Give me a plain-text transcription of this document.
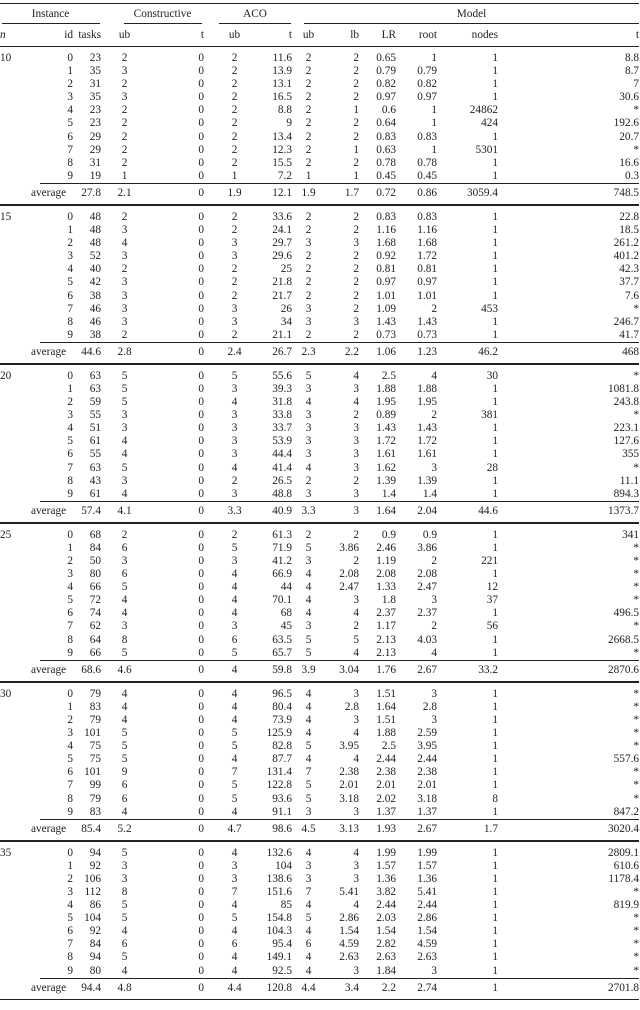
Instance			Constructive		ACO		Model					
n	id	tasks	ub	t	ub	t	ub	lb	LR	root	nodes	t
10	0	23	2	0	2	11.6	2	2	0.65	1	1	8.8
	1	35	3	0	2	13.9	2	2	0.79	0.79	1	8.7
	2	31	2	0	2	13.1	2	2	0.82	0.82	1	7
	3	35	3	0	2	16.5	2	2	0.97	0.97	1	30.6
	4	23	2	0	2	8.8	2	1	0.6	1	24862	*
	5	23	2	0	2	9	2	2	0.64	1	424	192.6
	6	29	2	0	2	13.4	2	2	0.83	0.83	1	20.7
	7	29	2	0	2	12.3	2	1	0.63	1	5301	*
	8	31	2	0	2	15.5	2	2	0.78	0.78	1	16.6
	9	19	1	0	1	7.2	1	1	0.45	0.45	1	0.3
	average	27.8	2.1	0	1.9	12.1	1.9	1.7	0.72	0.86	3059.4	748.5
15	0	48	2	0	2	33.6	2	2	0.83	0.83	1	22.8
	1	48	3	0	2	24.1	2	2	1.16	1.16	1	18.5
	2	48	4	0	3	29.7	3	3	1.68	1.68	1	261.2
	3	52	3	0	3	29.6	2	2	0.92	1.72	1	401.2
	4	40	2	0	2	25	2	2	0.81	0.81	1	42.3
	5	42	3	0	2	21.8	2	2	0.97	0.97	1	37.7
	6	38	3	0	2	21.7	2	2	1.01	1.01	1	7.6
	7	46	3	0	3	26	3	2	1.09	2	453	*
	8	46	3	0	3	34	3	3	1.43	1.43	1	246.7
	9	38	2	0	2	21.1	2	2	0.73	0.73	1	41.7
	average	44.6	2.8	0	2.4	26.7	2.3	2.2	1.06	1.23	46.2	468
20	0	63	5	0	5	55.6	5	4	2.5	4	30	*
	1	63	5	0	3	39.3	3	3	1.88	1.88	1	1081.8
	2	59	5	0	4	31.8	4	4	1.95	1.95	1	243.8
	3	55	3	0	3	33.8	3	2	0.89	2	381	*
	4	51	3	0	3	33.7	3	3	1.43	1.43	1	223.1
	5	61	4	0	3	53.9	3	3	1.72	1.72	1	127.6
	6	55	4	0	3	44.4	3	3	1.61	1.61	1	355
	7	63	5	0	4	41.4	4	3	1.62	3	28	*
	8	43	3	0	2	26.5	2	2	1.39	1.39	1	11.1
	9	61	4	0	3	48.8	3	3	1.4	1.4	1	894.3
	average	57.4	4.1	0	3.3	40.9	3.3	3	1.64	2.04	44.6	1373.7
25	0	68	2	0	2	61.3	2	2	0.9	0.9	1	341
	1	84	6	0	5	71.9	5	3.86	2.46	3.86	1	*
	2	50	3	0	3	41.2	3	2	1.19	2	221	*
	3	80	6	0	4	66.9	4	2.08	2.08	2.08	1	*
	4	66	5	0	4	44	4	2.47	1.33	2.47	12	*
	5	72	4	0	4	70.1	4	3	1.8	3	37	*
	6	74	4	0	4	68	4	4	2.37	2.37	1	496.5
	7	62	3	0	3	45	3	2	1.17	2	56	*
	8	64	8	0	6	63.5	5	5	2.13	4.03	1	2668.5
	9	66	5	0	5	65.7	5	4	2.13	4	1	*
	average	68.6	4.6	0	4	59.8	3.9	3.04	1.76	2.67	33.2	2870.6
30	0	79	4	0	4	96.5	4	3	1.51	3	1	*
	1	83	4	0	4	80.4	4	2.8	1.64	2.8	1	*
	2	79	4	0	4	73.9	4	3	1.51	3	1	*
	3	101	5	0	5	125.9	4	4	1.88	2.59	1	*
	4	75	5	0	5	82.8	5	3.95	2.5	3.95	1	*
	5	75	5	0	4	87.7	4	4	2.44	2.44	1	557.6
	6	101	9	0	7	131.4	7	2.38	2.38	2.38	1	*
	7	99	6	0	5	122.8	5	2.01	2.01	2.01	1	*
	8	79	6	0	5	93.6	5	3.18	2.02	3.18	8	*
	9	83	4	0	4	91.1	3	3	1.37	1.37	1	847.2
	average	85.4	5.2	0	4.7	98.6	4.5	3.13	1.93	2.67	1.7	3020.4
35	0	94	5	0	4	132.6	4	4	1.99	1.99	1	2809.1
	1	92	3	0	3	104	3	3	1.57	1.57	1	610.6
	2	106	3	0	3	138.6	3	3	1.36	1.36	1	1178.4
	3	112	8	0	7	151.6	7	5.41	3.82	5.41	1	*
	4	86	5	0	4	85	4	4	2.44	2.44	1	819.9
	5	104	5	0	5	154.8	5	2.86	2.03	2.86	1	*
	6	92	4	0	4	104.3	4	1.54	1.54	1.54	1	*
	7	84	6	0	6	95.4	6	4.59	2.82	4.59	1	*
	8	94	5	0	4	149.1	4	2.63	2.63	2.63	1	*
	9	80	4	0	4	92.5	4	3	1.84	3	1	*
	average	94.4	4.8	0	4.4	120.8	4.4	3.4	2.2	2.74	1	2701.8
